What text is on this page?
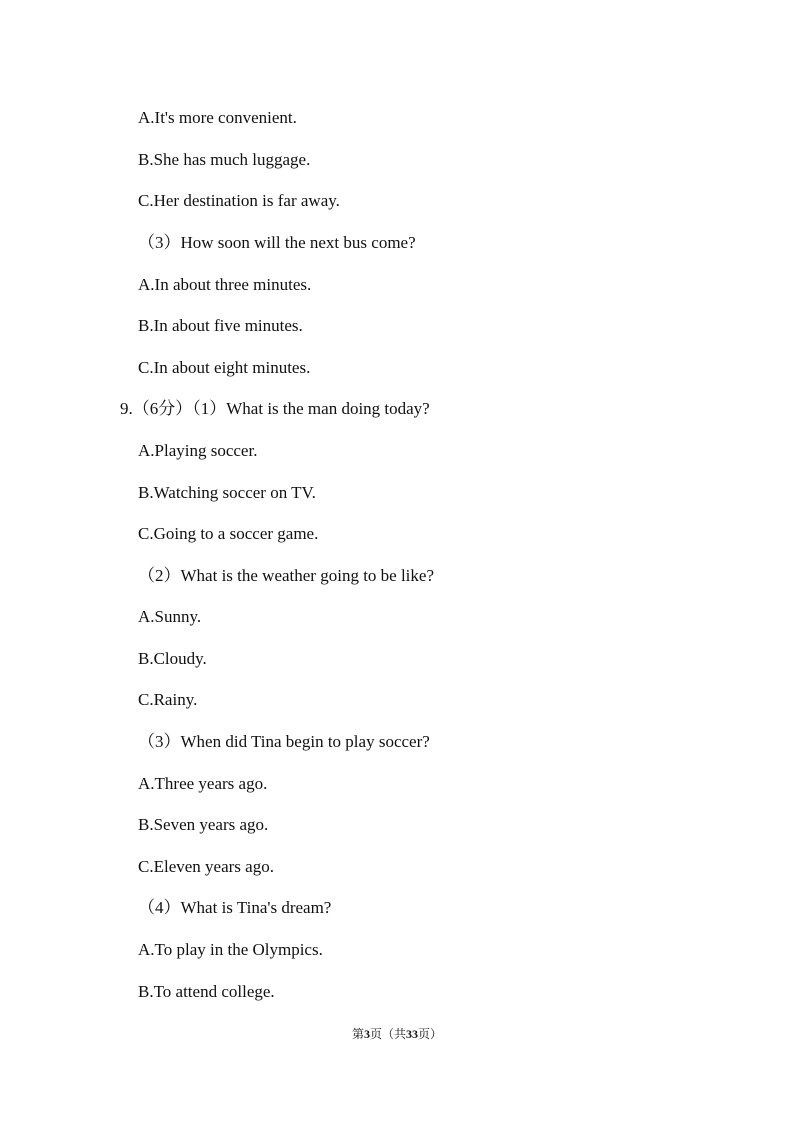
A.It's more convenient.
B.She has much luggage.
C.Her destination is far away.
（3）How soon will the next bus come?
A.In about three minutes.
B.In about five minutes.
C.In about eight minutes.
9.（6分）（1）What is the man doing today?
A.Playing soccer.
B.Watching soccer on TV.
C.Going to a soccer game.
（2）What is the weather going to be like?
A.Sunny.
B.Cloudy.
C.Rainy.
（3）When did Tina begin to play soccer?
A.Three years ago.
B.Seven years ago.
C.Eleven years ago.
（4）What is Tina's dream?
A.To play in the Olympics.
B.To attend college.
第3页（共33页）
